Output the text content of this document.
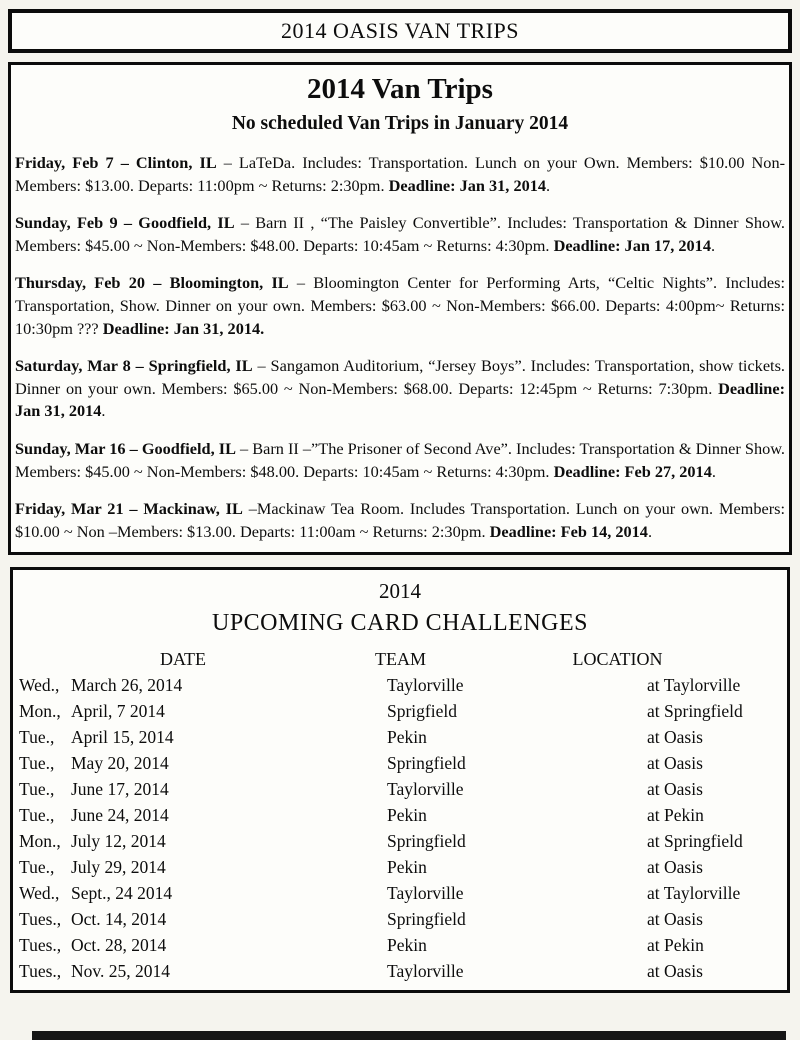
2014 OASIS VAN TRIPS
2014 Van Trips
No scheduled Van Trips in January 2014

Friday, Feb 7 – Clinton, IL – LaTeDa. Includes: Transportation. Lunch on your Own. Members: $10.00 Non-Members: $13.00. Departs: 11:00pm ~ Returns: 2:30pm. Deadline: Jan 31, 2014.

Sunday, Feb 9 – Goodfield, IL – Barn II , “The Paisley Convertible”. Includes: Transportation & Dinner Show. Members: $45.00 ~ Non-Members: $48.00. Departs: 10:45am ~ Returns: 4:30pm. Deadline: Jan 17, 2014.

Thursday, Feb 20 – Bloomington, IL – Bloomington Center for Performing Arts, “Celtic Nights”. Includes: Transportation, Show. Dinner on your own. Members: $63.00 ~ Non-Members: $66.00. Departs: 4:00pm~ Returns: 10:30pm ??? Deadline: Jan 31, 2014.

Saturday, Mar 8 – Springfield, IL – Sangamon Auditorium, “Jersey Boys”. Includes: Transportation, show tickets. Dinner on your own. Members: $65.00 ~ Non-Members: $68.00. Departs: 12:45pm ~ Returns: 7:30pm. Deadline: Jan 31, 2014.

Sunday, Mar 16 – Goodfield, IL – Barn II –”The Prisoner of Second Ave”. Includes: Transportation & Dinner Show. Members: $45.00 ~ Non-Members: $48.00. Departs: 10:45am ~ Returns: 4:30pm. Deadline: Feb 27, 2014.

Friday, Mar 21 – Mackinaw, IL –Mackinaw Tea Room. Includes Transportation. Lunch on your own. Members: $10.00 ~ Non –Members: $13.00. Departs: 11:00am ~ Returns: 2:30pm. Deadline: Feb 14, 2014.

2014
UPCOMING CARD CHALLENGES
DATE	TEAM	LOCATION
Wed., March 26, 2014	Taylorville	at Taylorville
Mon., April, 7 2014	Sprigfield	at Springfield
Tue., April 15, 2014	Pekin	at Oasis
Tue., May 20, 2014	Springfield	at Oasis
Tue., June 17, 2014	Taylorville	at Oasis
Tue., June 24, 2014	Pekin	at Pekin
Mon., July 12, 2014	Springfield	at Springfield
Tue., July 29, 2014	Pekin	at Oasis
Wed., Sept., 24 2014	Taylorville	at Taylorville
Tues., Oct. 14, 2014	Springfield	at Oasis
Tues., Oct. 28, 2014	Pekin	at Pekin
Tues., Nov. 25, 2014	Taylorville	at Oasis
